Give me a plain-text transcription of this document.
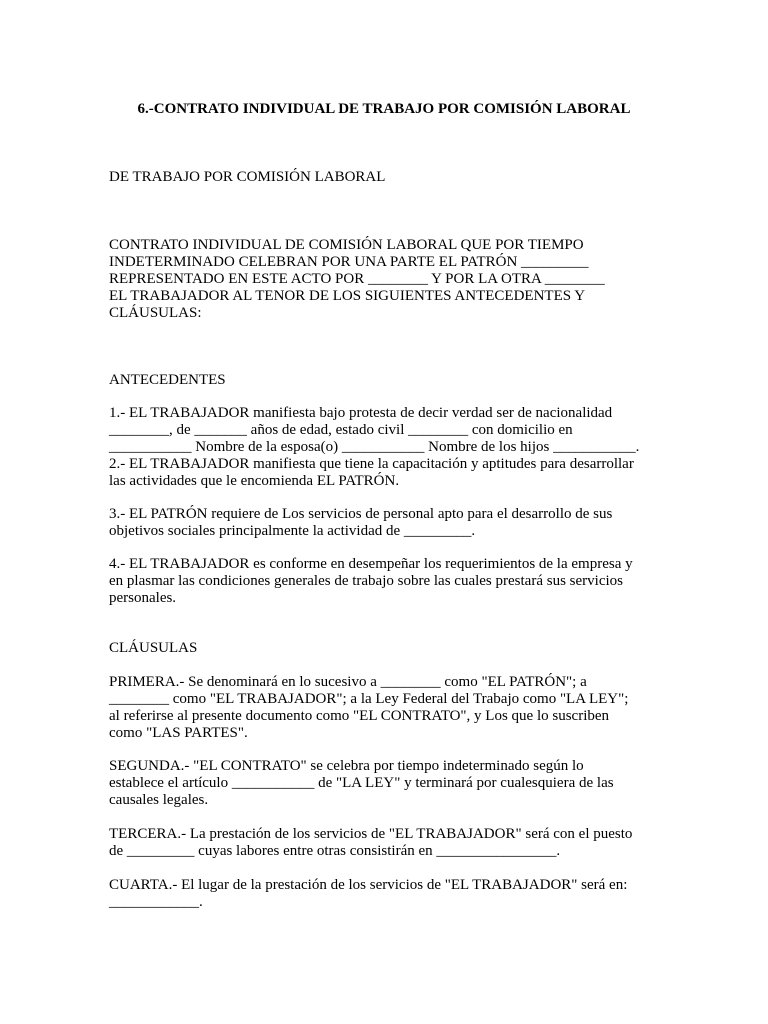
6.-CONTRATO INDIVIDUAL DE TRABAJO POR COMISIÓN LABORAL
DE TRABAJO POR COMISIÓN LABORAL
CONTRATO INDIVIDUAL DE COMISIÓN LABORAL QUE POR TIEMPO
INDETERMINADO CELEBRAN POR UNA PARTE EL PATRÓN _________
REPRESENTADO EN ESTE ACTO POR ________ Y POR LA OTRA ________
EL TRABAJADOR AL TENOR DE LOS SIGUIENTES ANTECEDENTES Y
CLÁUSULAS:
ANTECEDENTES
1.- EL TRABAJADOR manifiesta bajo protesta de decir verdad ser de nacionalidad
________, de _______ años de edad, estado civil ________ con domicilio en
___________ Nombre de la esposa(o) ___________ Nombre de los hijos ___________.
2.- EL TRABAJADOR manifiesta que tiene la capacitación y aptitudes para desarrollar
las actividades que le encomienda EL PATRÓN.
3.- EL PATRÓN requiere de Los servicios de personal apto para el desarrollo de sus
objetivos sociales principalmente la actividad de _________.
4.- EL TRABAJADOR es conforme en desempeñar los requerimientos de la empresa y
en plasmar las condiciones generales de trabajo sobre las cuales prestará sus servicios
personales.
CLÁUSULAS
PRIMERA.- Se denominará en lo sucesivo a ________ como "EL PATRÓN"; a
________ como "EL TRABAJADOR"; a la Ley Federal del Trabajo como "LA LEY";
al referirse al presente documento como "EL CONTRATO", y Los que lo suscriben
como "LAS PARTES".
SEGUNDA.- "EL CONTRATO" se celebra por tiempo indeterminado según lo
establece el artículo ___________ de "LA LEY" y terminará por cualesquiera de las
causales legales.
TERCERA.- La prestación de los servicios de "EL TRABAJADOR" será con el puesto
de _________ cuyas labores entre otras consistirán en ________________.
CUARTA.- El lugar de la prestación de los servicios de "EL TRABAJADOR" será en:
____________.
